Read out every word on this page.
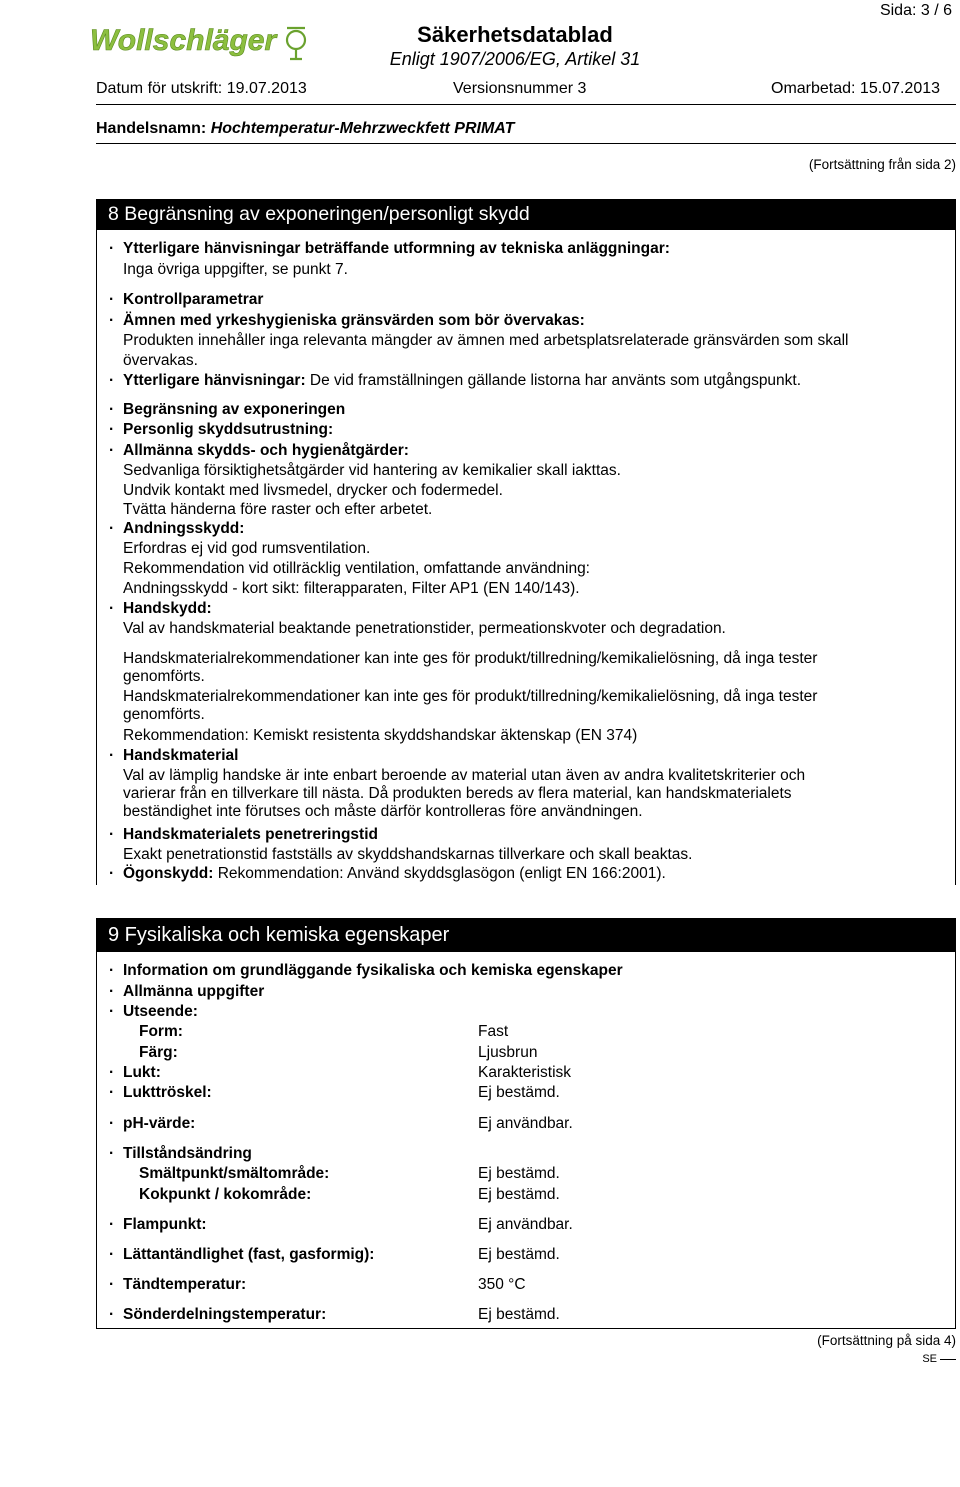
Wollschläger	Säkerhetsdatablad
Enligt 1907/2006/EG, Artikel 31
Sida: 3 / 6
Datum för utskrift: 19.07.2013	Versionsnummer 3	Omarbetad: 15.07.2013
Handelsnamn: Hochtemperatur-Mehrzweckfett PRIMAT
(Fortsättning från sida 2)
8 Begränsning av exponeringen/personligt skydd
· Ytterligare hänvisningar beträffande utformning av tekniska anläggningar:
Inga övriga uppgifter, se punkt 7.
· Kontrollparametrar
· Ämnen med yrkeshygieniska gränsvärden som bör övervakas:
Produkten innehåller inga relevanta mängder av ämnen med arbetsplatsrelaterade gränsvärden som skall
övervakas.
· Ytterligare hänvisningar: De vid framställningen gällande listorna har använts som utgångspunkt.
· Begränsning av exponeringen
· Personlig skyddsutrustning:
· Allmänna skydds- och hygienåtgärder:
Sedvanliga försiktighetsåtgärder vid hantering av kemikalier skall iakttas.
Undvik kontakt med livsmedel, drycker och fodermedel.
Tvätta händerna före raster och efter arbetet.
· Andningsskydd:
Erfordras ej vid god rumsventilation.
Rekommendation vid otillräcklig ventilation, omfattande användning:
Andningsskydd - kort sikt: filterapparaten, Filter AP1 (EN 140/143).
· Handskydd:
Val av handskmaterial beaktande penetrationstider, permeationskvoter och degradation.
Handskmaterialrekommendationer kan inte ges för produkt/tillredning/kemikalielösning, då inga tester
genomförts.
Handskmaterialrekommendationer kan inte ges för produkt/tillredning/kemikalielösning, då inga tester
genomförts.
Rekommendation: Kemiskt resistenta skyddshandskar äktenskap (EN 374)
· Handskmaterial
Val av lämplig handske är inte enbart beroende av material utan även av andra kvalitetskriterier och
varierar från en tillverkare till nästa. Då produkten bereds av flera material, kan handskmaterialets
beständighet inte förutses och måste därför kontrolleras före användningen.
· Handskmaterialets penetreringstid
Exakt penetrationstid fastställs av skyddshandskarnas tillverkare och skall beaktas.
· Ögonskydd: Rekommendation: Använd skyddsglasögon (enligt EN 166:2001).
9 Fysikaliska och kemiska egenskaper
· Information om grundläggande fysikaliska och kemiska egenskaper
· Allmänna uppgifter
· Utseende:
Form:	Fast
Färg:	Ljusbrun
· Lukt:	Karakteristisk
· Lukttröskel:	Ej bestämd.
· pH-värde:	Ej användbar.
· Tillståndsändring
Smältpunkt/smältområde:	Ej bestämd.
Kokpunkt / kokområde:	Ej bestämd.
· Flampunkt:	Ej användbar.
· Lättantändlighet (fast, gasformig):	Ej bestämd.
· Tändtemperatur:	350 °C
· Sönderdelningstemperatur:	Ej bestämd.
(Fortsättning på sida 4)
SE
